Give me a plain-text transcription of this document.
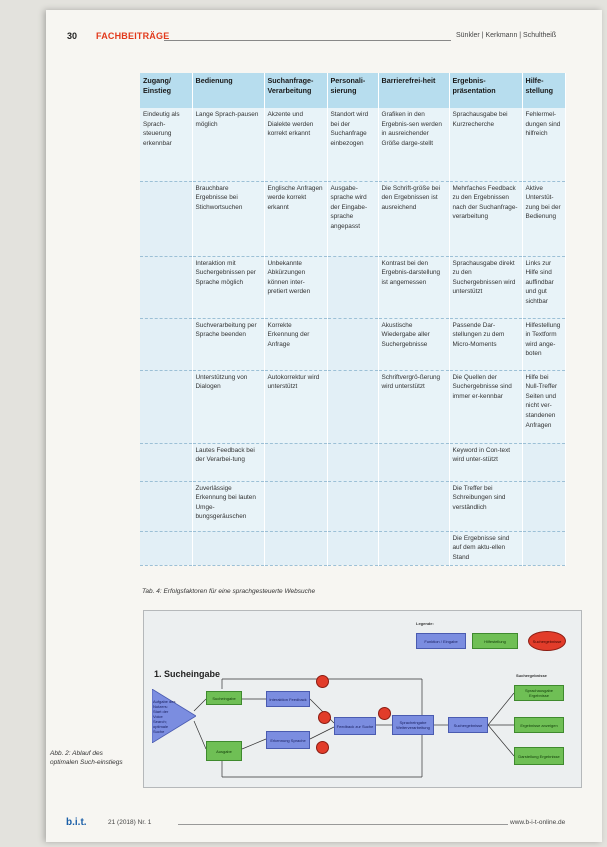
30 FACHBEITRÄGE	Sünkler | Kerkmann | Schultheiß
Zugang/ Einstieg	Bedienung	Suchanfrage-Verarbeitung	Personali-sierung	Barrierefrei-heit	Ergebnis-präsentation	Hilfe-stellung
Eindeutig als Sprach-steuerung erkennbar	Lange Sprach-pausen möglich	Akzente und Dialekte werden korrekt erkannt	Standort wird bei der Suchanfrage einbezogen	Grafiken in den Ergebnis-sen werden in ausreichender Größe darge-stellt	Sprachausgabe bei Kurzrecherche	Fehlermel-dungen sind hilfreich
	Brauchbare Ergebnisse bei Stichwortsuchen	Englische Anfragen werde korrekt erkannt	Ausgabe-sprache wird der Eingabe-sprache angepasst	Die Schrift-größe bei den Ergebnissen ist ausreichend	Mehrfaches Feedback zu den Ergebnissen nach der Suchanfrage-verarbeitung	Aktive Unterstüt-zung bei der Bedienung
	Interaktion mit Suchergebnissen per Sprache möglich	Unbekannte Abkürzungen können inter-pretiert werden		Kontrast bei den Ergebnis-darstellung ist angemessen	Sprachausgabe direkt zu den Suchergebnissen wird unterstützt	Links zur Hilfe sind auffindbar und gut sichtbar
	Suchverarbeitung per Sprache beenden	Korrekte Erkennung der Anfrage		Akustische Wiedergabe aller Suchergebnisse	Passende Dar-stellungen zu dem Micro-Moments	Hilfestellung in Textform wird ange-boten
	Unterstützung von Dialogen	Autokorrektur wird unterstützt		Schriftvergrö-ßerung wird unterstützt	Die Quellen der Suchergebnisse sind immer er-kennbar	Hilfe bei Null-Treffer Seiten und nicht ver-standenen Anfragen
	Lautes Feedback bei der Verarbei-tung				Keyword in Con-text wird unter-stützt	
	Zuverlässige Erkennung bei lauten Umge-bungsgeräuschen				Die Treffer bei Schreibungen sind verständlich	
					Die Ergebnisse sind auf dem aktu-ellen Stand	
Tab. 4: Erfolgsfaktoren für eine sprachgesteuerte Websuche
Legende:
Funktion / Eingabe	Hilfestellung	Suchergebnisse
1. Sucheingabe
Aufgabe des Nutzers: Start der Voice Search; optimale Suche
Sucheingabe
Ausgabe
Interaktion Feedback
Erkennung Sprache
Feedback zur Suche
Spracheingabe Weiterverarbeitung	Suchergebnisse
Suchergebnisse
Sprachausgabe Ergebnisse
Ergebnisse anzeigen
Darstellung Ergebnisse
Abb. 2: Ablauf des optimalen Such-einstiegs
b.i.t.	21 (2018) Nr. 1	www.b-i-t-online.de
